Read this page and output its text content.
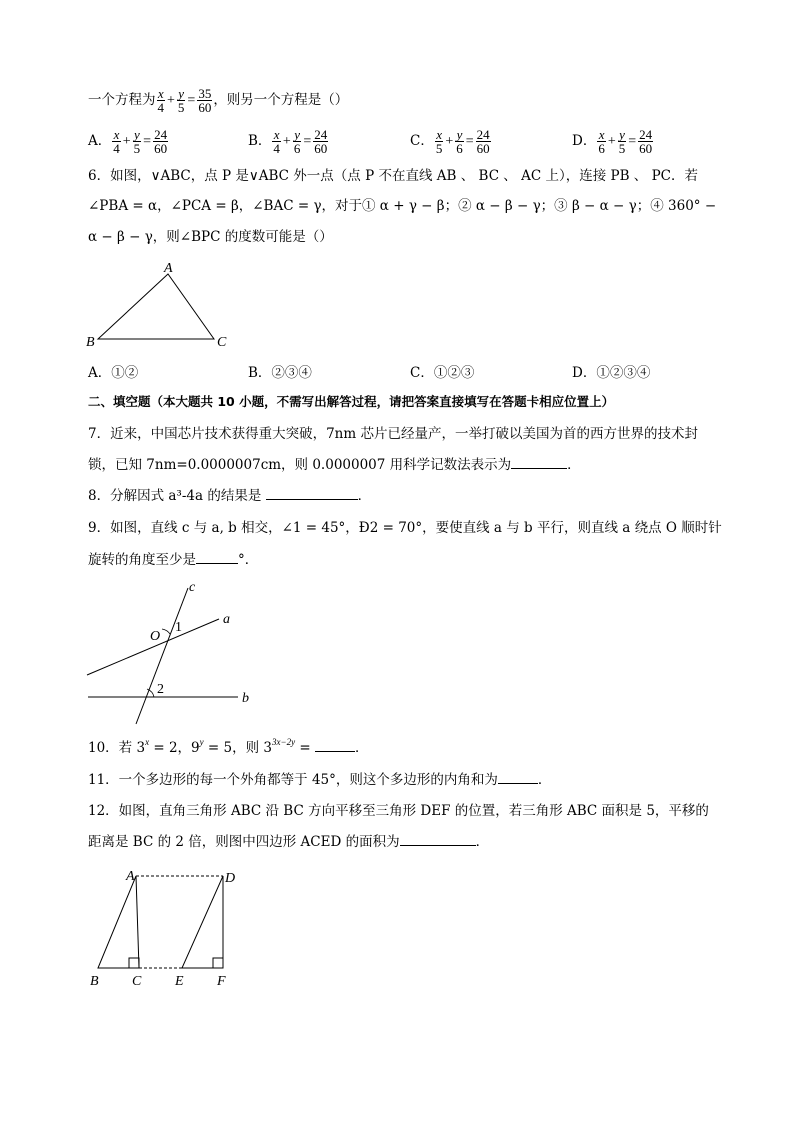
一个方程为 $\frac{x}{4} + \frac{y}{5} = \frac{35}{60}$ ，则另一个方程是（）
A． $\frac{x}{4} + \frac{y}{5} = \frac{24}{60}$	B． $\frac{x}{4} + \frac{y}{6} = \frac{24}{60}$	C． $\frac{x}{5} + \frac{y}{6} = \frac{24}{60}$	D． $\frac{x}{6} + \frac{y}{5} = \frac{24}{60}$
6．如图，∨ABC，点 P 是∨ABC 外一点（点 P 不在直线 AB 、 BC 、 AC 上），连接 PB 、 PC．若
∠PBA = α，∠PCA = β，∠BAC = γ，对于① α + γ − β；② α − β − γ；③ β − α − γ；④ 360° −
α − β − γ，则∠BPC 的度数可能是（）
A
B	C
A．①②	B．②③④	C．①②③	D．①②③④
二、填空题（本大题共 10 小题，不需写出解答过程，请把答案直接填写在答题卡相应位置上）
7．近来，中国芯片技术获得重大突破，7nm 芯片已经量产，一举打破以美国为首的西方世界的技术封
锁，已知 7nm=0.0000007cm，则 0.0000007 用科学记数法表示为	．
8．分解因式 a³-4a 的结果是	．
9．如图，直线 c 与 a, b 相交，∠1 = 45°，Ð2 = 70°，要使直线 a 与 b 平行，则直线 a 绕点 O 顺时针
旋转的角度至少是	°．
c
a
b
O
1
2
10．若 $3^x = 2$，$9^y = 5$，则 $3^{3x-2y}$ =	．
11．一个多边形的每一个外角都等于 45°，则这个多边形的内角和为	．
12．如图，直角三角形 ABC 沿 BC 方向平移至三角形 DEF 的位置，若三角形 ABC 面积是 5，平移的
距离是 BC 的 2 倍，则图中四边形 ACED 的面积为	．
A	D
B C E F
